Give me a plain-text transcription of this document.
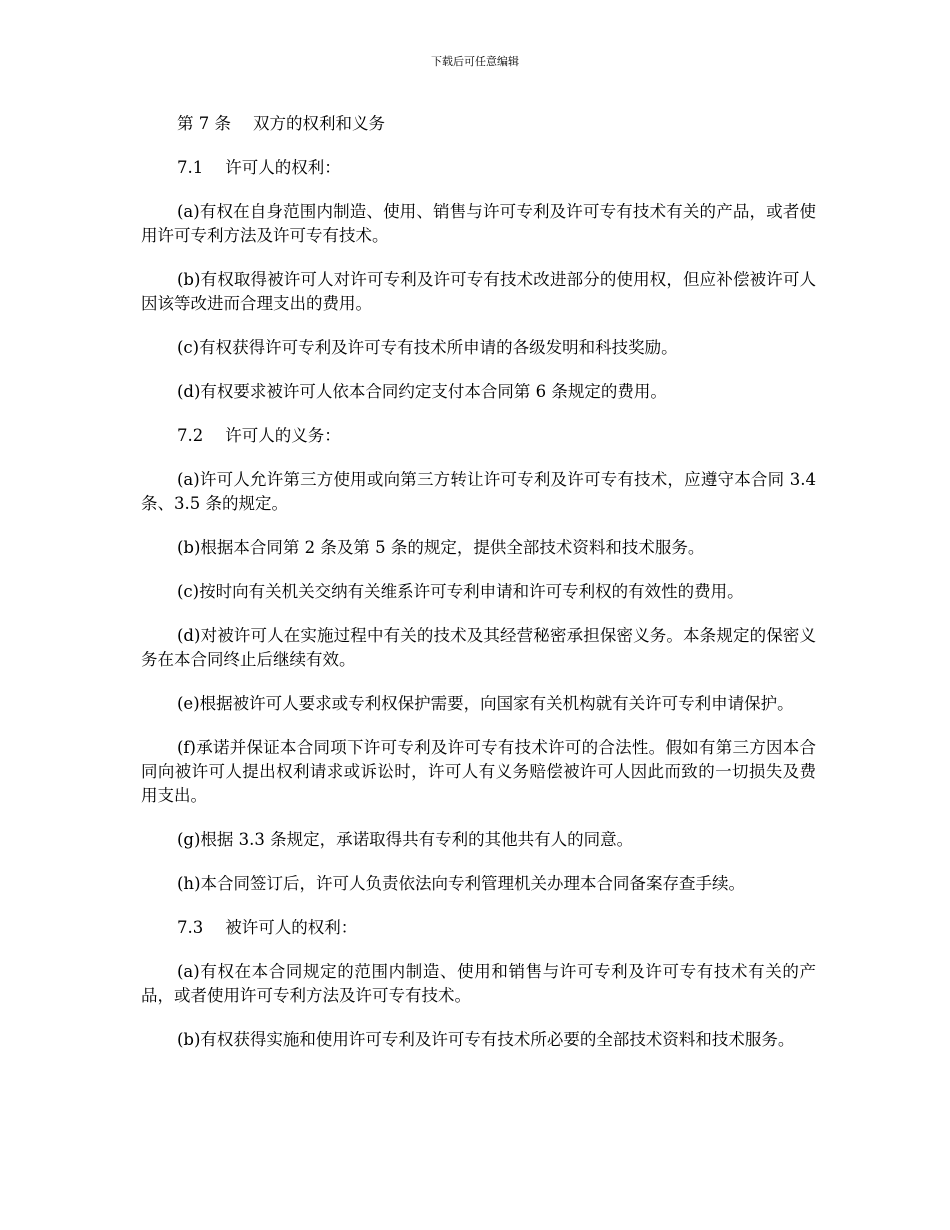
下载后可任意编辑

第 7 条 双方的权利和义务

7.1 许可人的权利：

(a)有权在自身范围内制造、使用、销售与许可专利及许可专有技术有关的产品，或者使用许可专利方法及许可专有技术。

(b)有权取得被许可人对许可专利及许可专有技术改进部分的使用权，但应补偿被许可人因该等改进而合理支出的费用。

(c)有权获得许可专利及许可专有技术所申请的各级发明和科技奖励。

(d)有权要求被许可人依本合同约定支付本合同第 6 条规定的费用。

7.2 许可人的义务：

(a)许可人允许第三方使用或向第三方转让许可专利及许可专有技术，应遵守本合同 3.4 条、3.5 条的规定。

(b)根据本合同第 2 条及第 5 条的规定，提供全部技术资料和技术服务。

(c)按时向有关机关交纳有关维系许可专利申请和许可专利权的有效性的费用。

(d)对被许可人在实施过程中有关的技术及其经营秘密承担保密义务。本条规定的保密义务在本合同终止后继续有效。

(e)根据被许可人要求或专利权保护需要，向国家有关机构就有关许可专利申请保护。

(f)承诺并保证本合同项下许可专利及许可专有技术许可的合法性。假如有第三方因本合同向被许可人提出权利请求或诉讼时，许可人有义务赔偿被许可人因此而致的一切损失及费用支出。

(g)根据 3.3 条规定，承诺取得共有专利的其他共有人的同意。

(h)本合同签订后，许可人负责依法向专利管理机关办理本合同备案存查手续。

7.3 被许可人的权利：

(a)有权在本合同规定的范围内制造、使用和销售与许可专利及许可专有技术有关的产品，或者使用许可专利方法及许可专有技术。

(b)有权获得实施和使用许可专利及许可专有技术所必要的全部技术资料和技术服务。
